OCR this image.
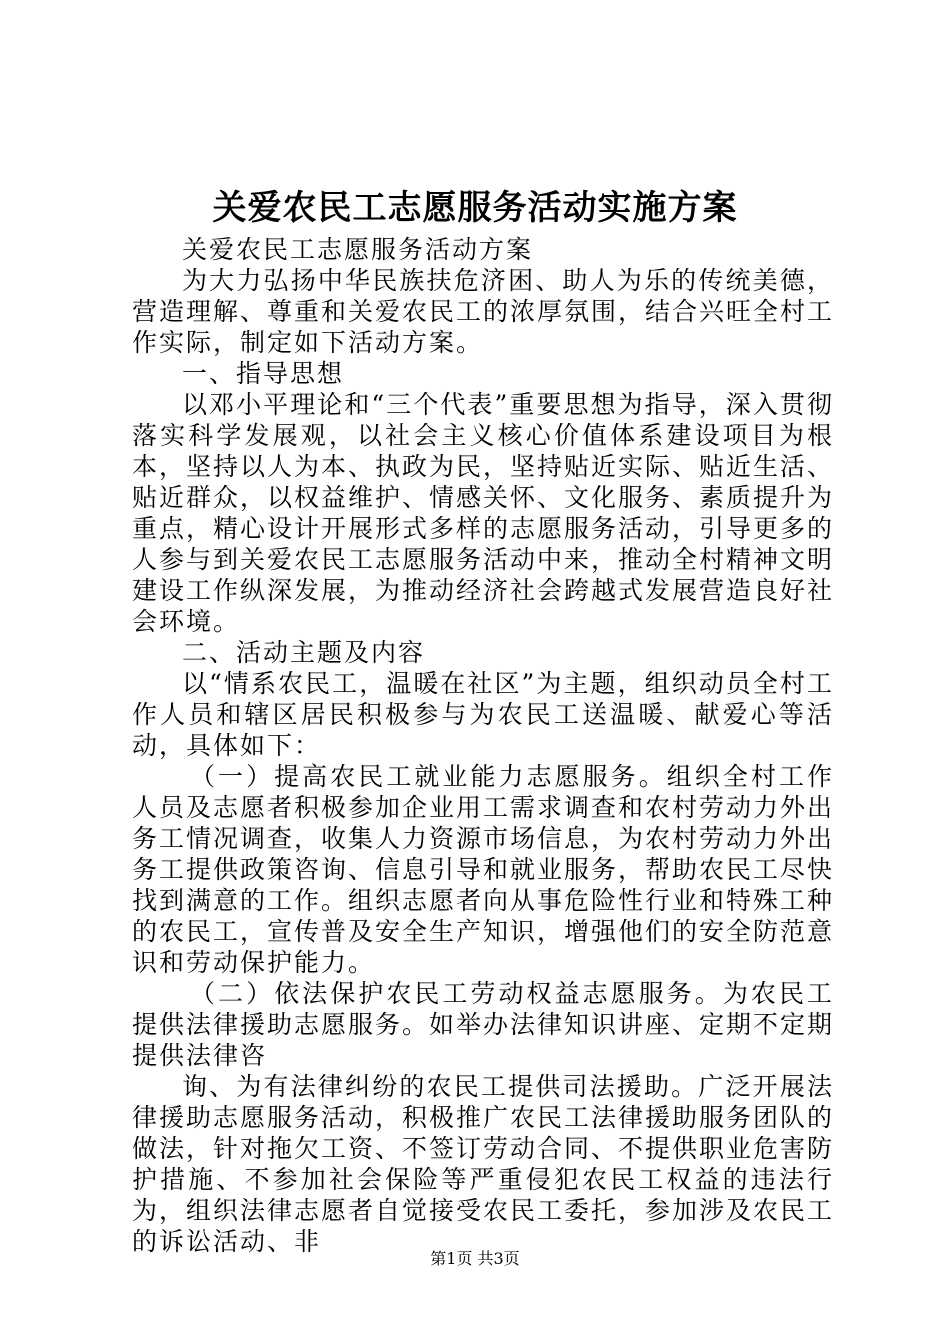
关爱农民工志愿服务活动实施方案

关爱农民工志愿服务活动方案

为大力弘扬中华民族扶危济困、助人为乐的传统美德，营造理解、尊重和关爱农民工的浓厚氛围，结合兴旺全村工作实际，制定如下活动方案。

一、指导思想

以邓小平理论和“三个代表”重要思想为指导，深入贯彻落实科学发展观，以社会主义核心价值体系建设项目为根本，坚持以人为本、执政为民，坚持贴近实际、贴近生活、贴近群众，以权益维护、情感关怀、文化服务、素质提升为重点，精心设计开展形式多样的志愿服务活动，引导更多的人参与到关爱农民工志愿服务活动中来，推动全村精神文明建设工作纵深发展，为推动经济社会跨越式发展营造良好社会环境。

二、活动主题及内容

以“情系农民工，温暖在社区”为主题，组织动员全村工作人员和辖区居民积极参与为农民工送温暖、献爱心等活动，具体如下：

（一）提高农民工就业能力志愿服务。组织全村工作人员及志愿者积极参加企业用工需求调查和农村劳动力外出务工情况调查，收集人力资源市场信息，为农村劳动力外出务工提供政策咨询、信息引导和就业服务，帮助农民工尽快找到满意的工作。组织志愿者向从事危险性行业和特殊工种的农民工，宣传普及安全生产知识，增强他们的安全防范意识和劳动保护能力。

（二）依法保护农民工劳动权益志愿服务。为农民工提供法律援助志愿服务。如举办法律知识讲座、定期不定期提供法律咨

询、为有法律纠纷的农民工提供司法援助。广泛开展法律援助志愿服务活动，积极推广农民工法律援助服务团队的做法，针对拖欠工资、不签订劳动合同、不提供职业危害防护措施、不参加社会保险等严重侵犯农民工权益的违法行为，组织法律志愿者自觉接受农民工委托，参加涉及农民工的诉讼活动、非

第1页 共3页
